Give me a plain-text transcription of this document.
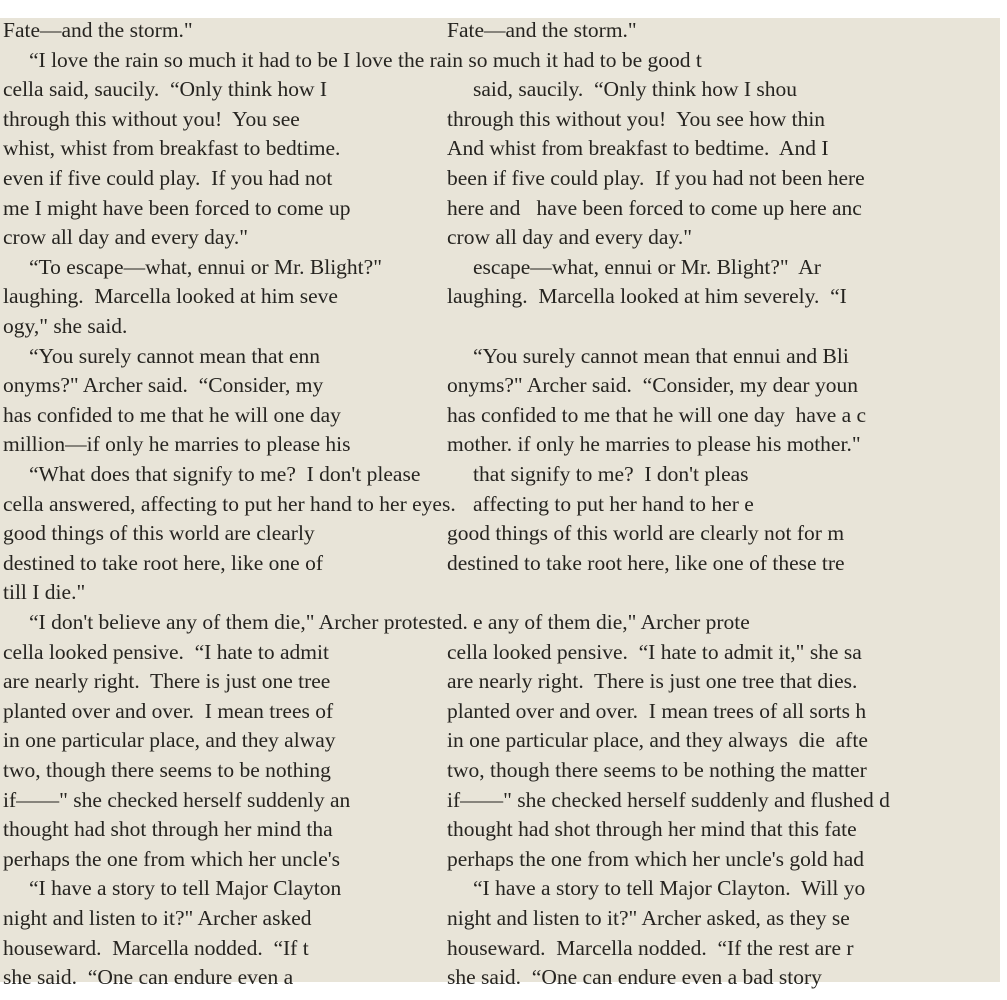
Fate—and the storm."
“I love the rain so much it had to be I love the rain so much it had to be good t
cella said, saucily.  “Only think how I
through this without you!  You see
whist, whist from breakfast to bedtime.
even if five could play.  If you had not
me I might have been forced to come up
crow all day and every day."
“To escape—what, ennui or Mr. Blight?"
laughing.  Marcella looked at him seve
ogy," she said.
“You surely cannot mean that enn
onyms?" Archer said.  “Consider, my
has confided to me that he will one day
million—if only he marries to please his
“What does that signify to me?  I don't please
cella answered, affecting to put her hand to her eyes.
good things of this world are clearly
destined to take root here, like one of
till I die."
“I don't believe any of them die," Archer protested.
cella looked pensive.  “I hate to admit
are nearly right.  There is just one tree
planted over and over.  I mean trees of
in one particular place, and they alway
two, though there seems to be nothing
if——" she checked herself suddenly an
thought had shot through her mind tha
perhaps the one from which her uncle's
“I have a story to tell Major Clayton
night and listen to it?" Archer asked
houseward.  Marcella nodded.  “If t
she said.  “One can endure even a
Fate—and the storm."
said, saucily.  “Only think how I shou
through this without you!  You see how thin
And whist from breakfast to bedtime.  And I
been if five could play.  If you had not been here
here and   have been forced to come up here anc
crow all day and every day."
escape—what, ennui or Mr. Blight?"  Ar
laughing.  Marcella looked at him severely.  “I
“You surely cannot mean that ennui and Bli
onyms?" Archer said.  “Consider, my dear youn
has confided to me that he will one day  have a c
mother. if only he marries to please his mother."
that signify to me?  I don't pleas
affecting to put her hand to her e
good things of this world are clearly not for m
destined to take root here, like one of these tre
e any of them die," Archer prote
cella looked pensive.  “I hate to admit it," she sa
are nearly right.  There is just one tree that dies.
planted over and over.  I mean trees of all sorts h
in one particular place, and they always  die  afte
two, though there seems to be nothing the matter
if——" she checked herself suddenly and flushed d
thought had shot through her mind that this fate
perhaps the one from which her uncle's gold had
“I have a story to tell Major Clayton.  Will yo
night and listen to it?" Archer asked, as they se
houseward.  Marcella nodded.  “If the rest are r
she said.  “One can endure even a bad story
